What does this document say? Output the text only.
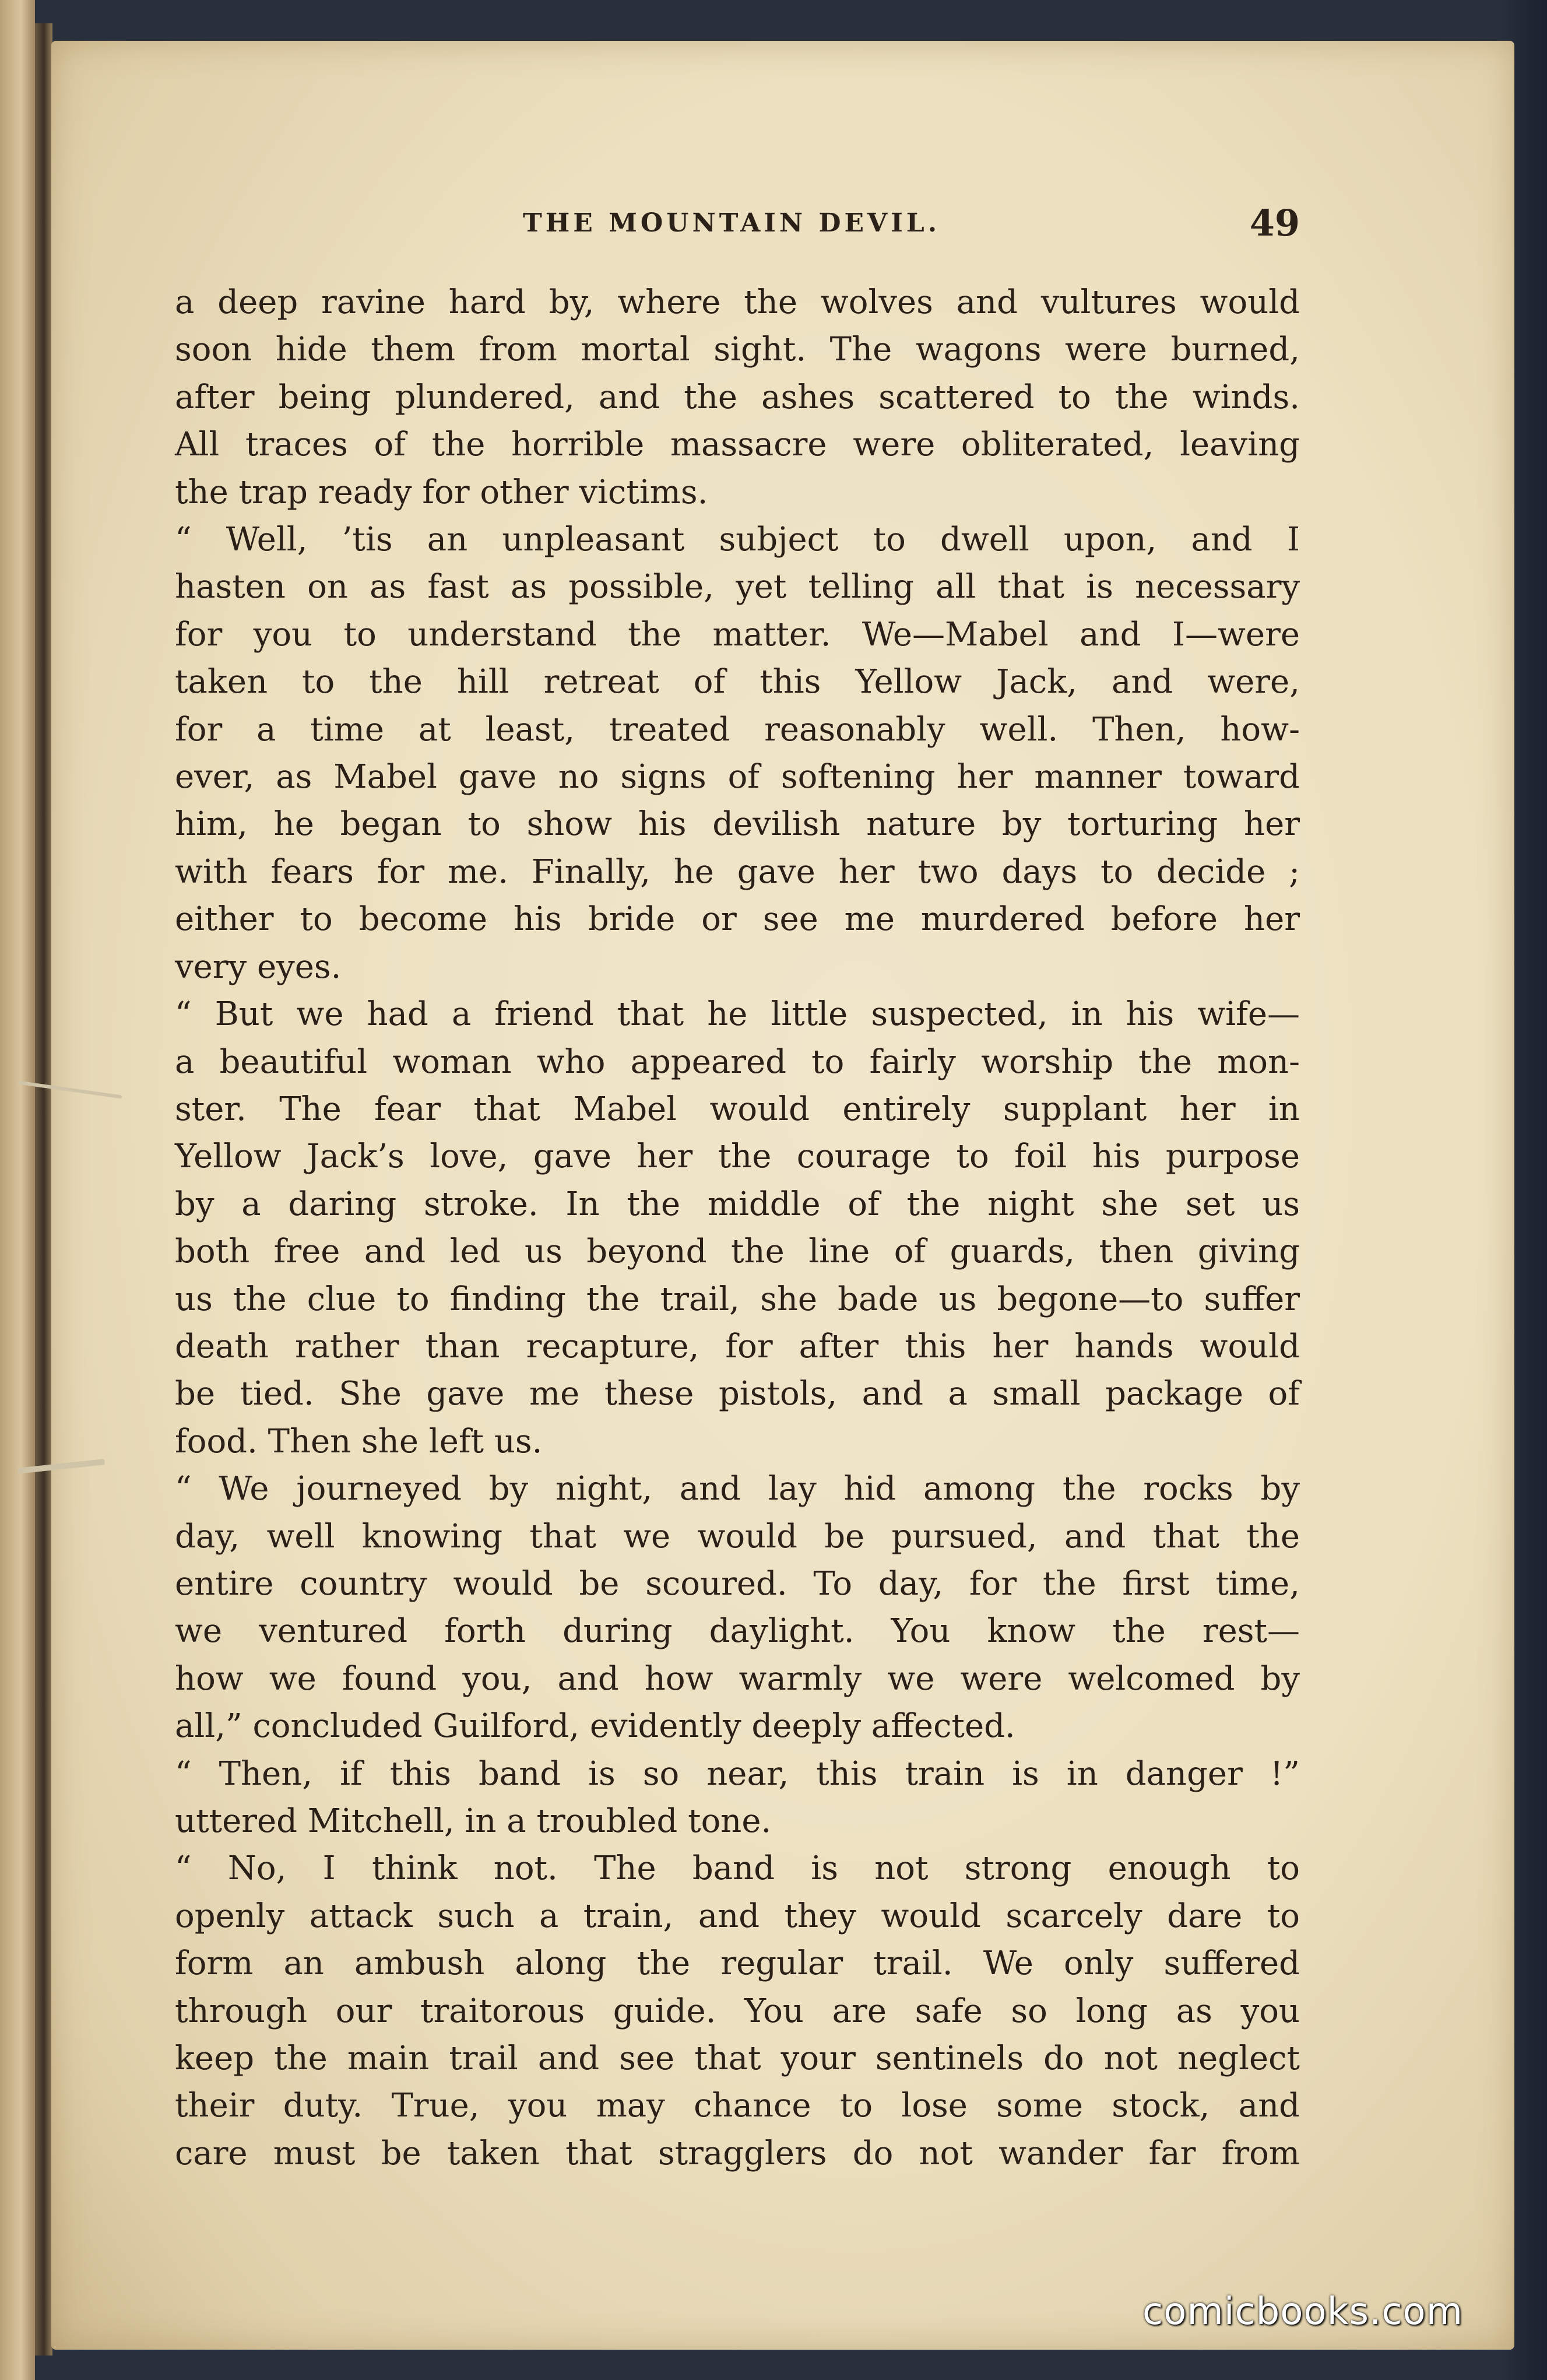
THE MOUNTAIN DEVIL.	49

a deep ravine hard by, where the wolves and vultures would

soon hide them from mortal sight. The wagons were burned,

after being plundered, and the ashes scattered to the winds.

All traces of the horrible massacre were obliterated, leaving

the trap ready for other victims.

“ Well, ’tis an unpleasant subject to dwell upon, and I

hasten on as fast as possible, yet telling all that is necessary

for you to understand the matter. We—Mabel and I—were

taken to the hill retreat of this Yellow Jack, and were,

for a time at least, treated reasonably well. Then, how-

ever, as Mabel gave no signs of softening her manner toward

him, he began to show his devilish nature by torturing her

with fears for me. Finally, he gave her two days to decide ;

either to become his bride or see me murdered before her

very eyes.

“ But we had a friend that he little suspected, in his wife—

a beautiful woman who appeared to fairly worship the mon-

ster. The fear that Mabel would entirely supplant her in

Yellow Jack’s love, gave her the courage to foil his purpose

by a daring stroke. In the middle of the night she set us

both free and led us beyond the line of guards, then giving

us the clue to finding the trail, she bade us begone—to suffer

death rather than recapture, for after this her hands would

be tied. She gave me these pistols, and a small package of

food. Then she left us.

“ We journeyed by night, and lay hid among the rocks by

day, well knowing that we would be pursued, and that the

entire country would be scoured. To day, for the first time,

we ventured forth during daylight. You know the rest—

how we found you, and how warmly we were welcomed by

all,” concluded Guilford, evidently deeply affected.

“ Then, if this band is so near, this train is in danger !”

uttered Mitchell, in a troubled tone.

“ No, I think not. The band is not strong enough to

openly attack such a train, and they would scarcely dare to

form an ambush along the regular trail. We only suffered

through our traitorous guide. You are safe so long as you

keep the main trail and see that your sentinels do not neglect

their duty. True, you may chance to lose some stock, and

care must be taken that stragglers do not wander far from

comicbooks.com
